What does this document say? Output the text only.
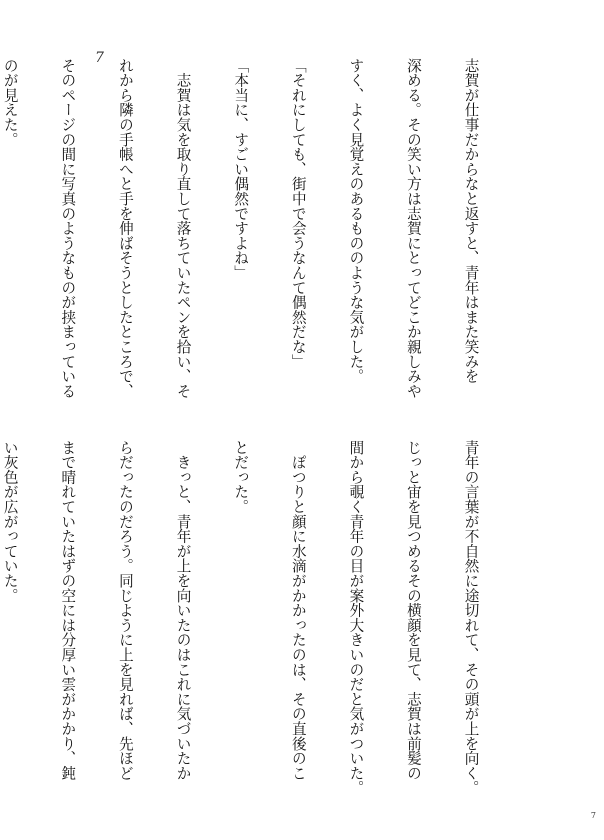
7

	志賀が仕事だからなと返すと、青年はまた笑みを

深める。その笑い方は志賀にとってどこか親しみや

すく、よく見覚えのあるもののような気がした。

「それにしても、街中で会うなんて偶然だな」

「本当に、すごい偶然ですよね」

　志賀は気を取り直して落ちていたペンを拾い、そ

れから隣の手帳へと手を伸ばそうとしたところで、

そのページの間に写真のようなものが挟まっている

のが見えた。

青年の言葉が不自然に途切れて、その頭が上を向く。

じっと宙を見つめるその横顔を見て、志賀は前髪の

間から覗く青年の目が案外大きいのだと気がついた。

　ぽつりと顔に水滴がかかったのは、その直後のこ

とだった。

　きっと、青年が上を向いたのはこれに気づいたか

らだったのだろう。同じように上を見れば、先ほど

まで晴れていたはずの空には分厚い雲がかかり、鈍

い灰色が広がっていた。

7
